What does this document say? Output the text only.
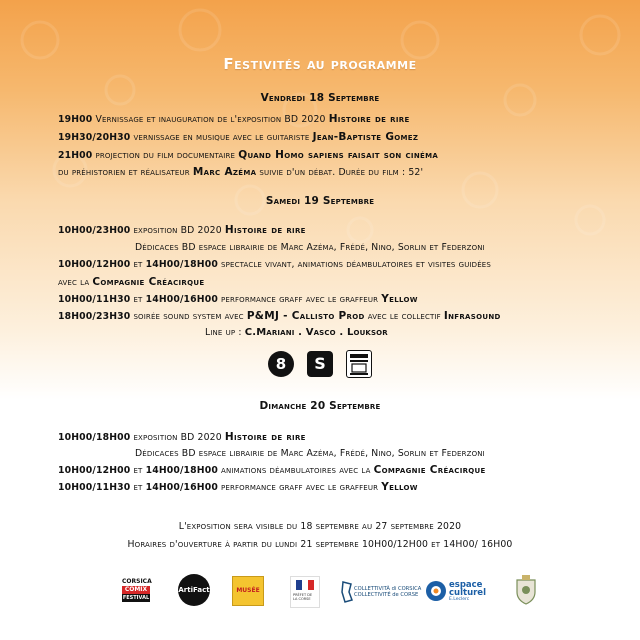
Festivités au programme
Vendredi 18 Septembre
19H00 Vernissage et inauguration de l'exposition BD 2020 Histoire de rire
19H30/20H30 vernissage en musique avec le guitariste Jean-Baptiste Gomez
21H00 projection du film documentaire Quand Homo sapiens faisait son cinéma
du préhistorien et réalisateur Marc Azéma suivie d'un débat. Durée du film : 52'
Samedi 19 Septembre
10H00/23H00 exposition BD 2020 Histoire de rire
Dédicaces BD espace librairie de Marc Azéma, Frédé, Nino, Sorlin et Federzoni
10H00/12H00 et 14H00/18H00 spectacle vivant, animations déambulatoires et visites guidées
avec la Compagnie Créacirque
10H00/11H30 et 14H00/16H00 performance graff avec le graffeur Yellow
18H00/23H30 soirée sound system avec P&MJ - Callisto Prod avec le collectif Infrasound
Line up : C.Mariani . Vasco . Louksor
8	S
Dimanche 20 Septembre
10H00/18H00 exposition BD 2020 Histoire de rire
Dédicaces BD espace librairie de Marc Azéma, Frédé, Nino, Sorlin et Federzoni
10H00/12H00 et 14H00/18H00 animations déambulatoires avec la Compagnie Créacirque
10H00/11H30 et 14H00/16H00 performance graff avec le graffeur Yellow
L'exposition sera visible du 18 septembre au 27 septembre 2020
Horaires d'ouverture à partir du lundi 21 septembre 10H00/12H00 et 14H00/ 16H00
CORSICA
COMIX
FESTIVAL
ArtiFact	MUSÉE
PRÉFET DE LA CORSE
COLLETTIVITÀ di CORSICA
COLLECTIVITÉ de CORSE
espace
culturel
E.Leclerc
